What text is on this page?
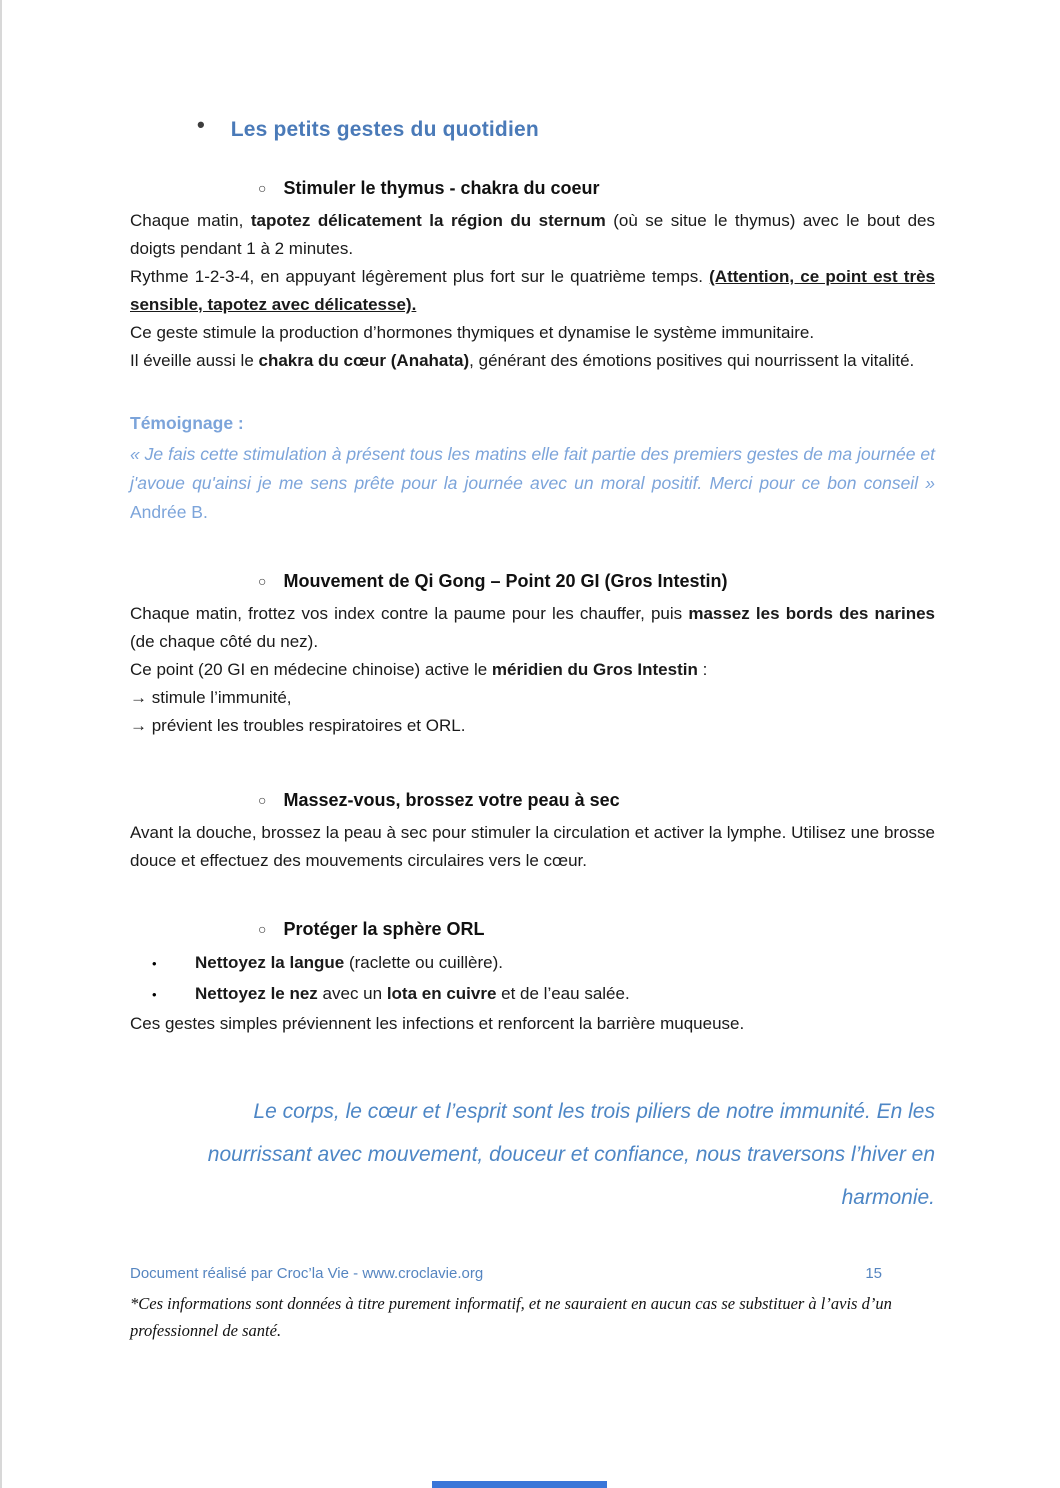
• Les petits gestes du quotidien
○ Stimuler le thymus - chakra du coeur

Chaque matin, tapotez délicatement la région du sternum (où se situe le thymus) avec le bout des doigts pendant 1 à 2 minutes.

Rythme 1-2-3-4, en appuyant légèrement plus fort sur le quatrième temps. (Attention, ce point est très sensible, tapotez avec délicatesse).

Ce geste stimule la production d’hormones thymiques et dynamise le système immunitaire.

Il éveille aussi le chakra du cœur (Anahata), générant des émotions positives qui nourrissent la vitalité.

Témoignage :

« Je fais cette stimulation à présent tous les matins elle fait partie des premiers gestes de ma journée et j'avoue qu'ainsi je me sens prête pour la journée avec un moral positif. Merci pour ce bon conseil » Andrée B.

○ Mouvement de Qi Gong – Point 20 GI (Gros Intestin)

Chaque matin, frottez vos index contre la paume pour les chauffer, puis massez les bords des narines (de chaque côté du nez).

Ce point (20 GI en médecine chinoise) active le méridien du Gros Intestin :

→ stimule l’immunité,

→ prévient les troubles respiratoires et ORL.

○ Massez-vous, brossez votre peau à sec

Avant la douche, brossez la peau à sec pour stimuler la circulation et activer la lymphe. Utilisez une brosse douce et effectuez des mouvements circulaires vers le cœur.

○ Protéger la sphère ORL
•	Nettoyez la langue (raclette ou cuillère).
•	Nettoyez le nez avec un lota en cuivre et de l’eau salée.

Ces gestes simples préviennent les infections et renforcent la barrière muqueuse.

Le corps, le cœur et l’esprit sont les trois piliers de notre immunité. En les nourrissant avec mouvement, douceur et confiance, nous traversons l’hiver en harmonie.

Document réalisé par Croc’la Vie - www.croclavie.org	15

*Ces informations sont données à titre purement informatif, et ne sauraient en aucun cas se substituer à l’avis d’un professionnel de santé.
